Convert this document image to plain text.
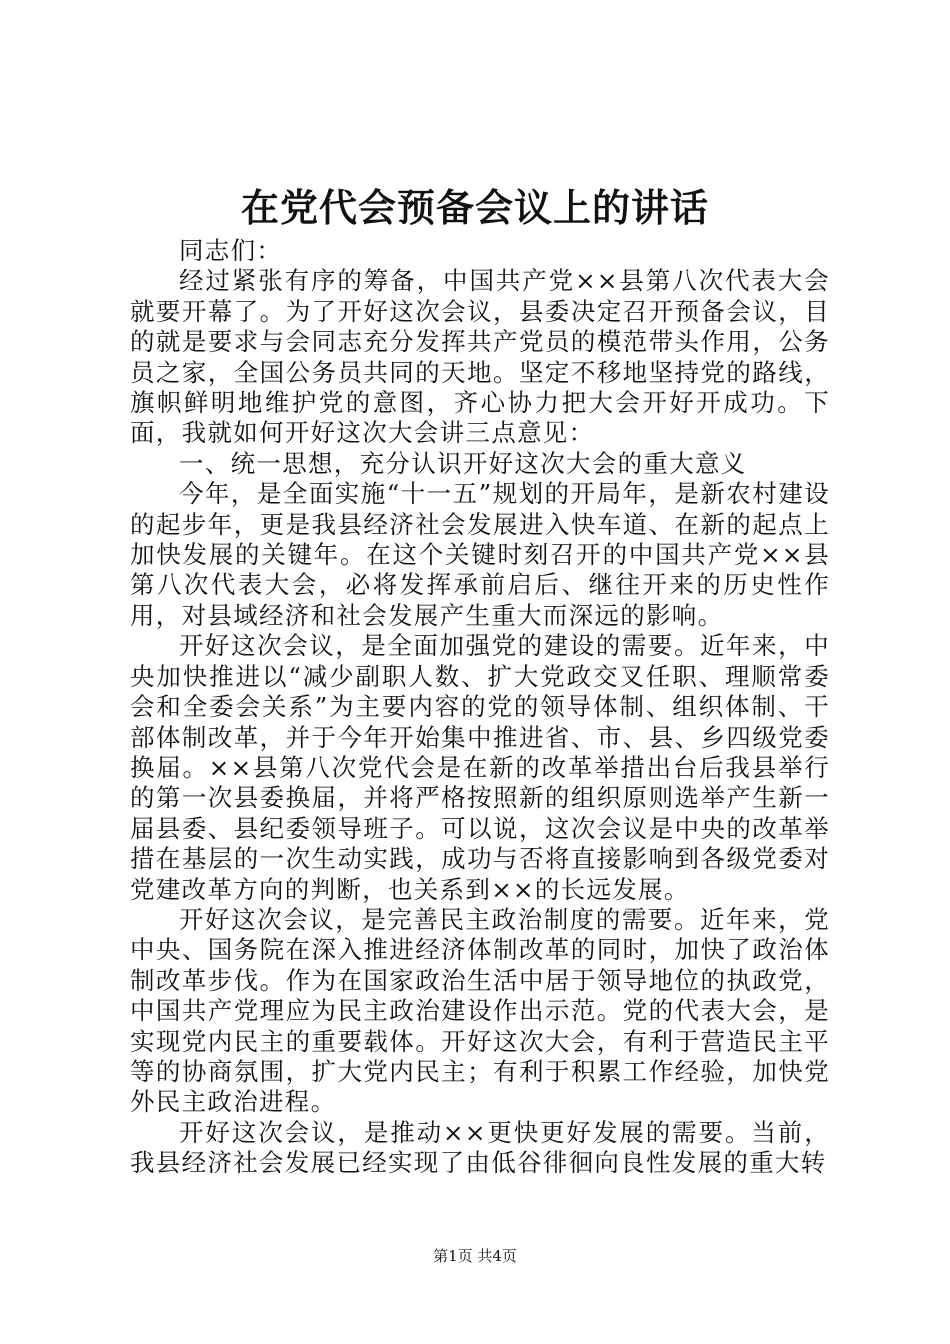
在党代会预备会议上的讲话

同志们：

经过紧张有序的筹备，中国共产党××县第八次代表大会就要开幕了。为了开好这次会议，县委决定召开预备会议，目的就是要求与会同志充分发挥共产党员的模范带头作用，公务员之家，全国公务员共同的天地。坚定不移地坚持党的路线，旗帜鲜明地维护党的意图，齐心协力把大会开好开成功。下面，我就如何开好这次大会讲三点意见：

一、统一思想，充分认识开好这次大会的重大意义

今年，是全面实施“十一五”规划的开局年，是新农村建设的起步年，更是我县经济社会发展进入快车道、在新的起点上加快发展的关键年。在这个关键时刻召开的中国共产党××县第八次代表大会，必将发挥承前启后、继往开来的历史性作用，对县域经济和社会发展产生重大而深远的影响。

开好这次会议，是全面加强党的建设的需要。近年来，中央加快推进以“减少副职人数、扩大党政交叉任职、理顺常委会和全委会关系”为主要内容的党的领导体制、组织体制、干部体制改革，并于今年开始集中推进省、市、县、乡四级党委换届。××县第八次党代会是在新的改革举措出台后我县举行的第一次县委换届，并将严格按照新的组织原则选举产生新一届县委、县纪委领导班子。可以说，这次会议是中央的改革举措在基层的一次生动实践，成功与否将直接影响到各级党委对党建改革方向的判断，也关系到××的长远发展。

开好这次会议，是完善民主政治制度的需要。近年来，党中央、国务院在深入推进经济体制改革的同时，加快了政治体制改革步伐。作为在国家政治生活中居于领导地位的执政党，中国共产党理应为民主政治建设作出示范。党的代表大会，是实现党内民主的重要载体。开好这次大会，有利于营造民主平等的协商氛围，扩大党内民主；有利于积累工作经验，加快党外民主政治进程。

开好这次会议，是推动××更快更好发展的需要。当前，我县经济社会发展已经实现了由低谷徘徊向良性发展的重大转

第1页 共4页
